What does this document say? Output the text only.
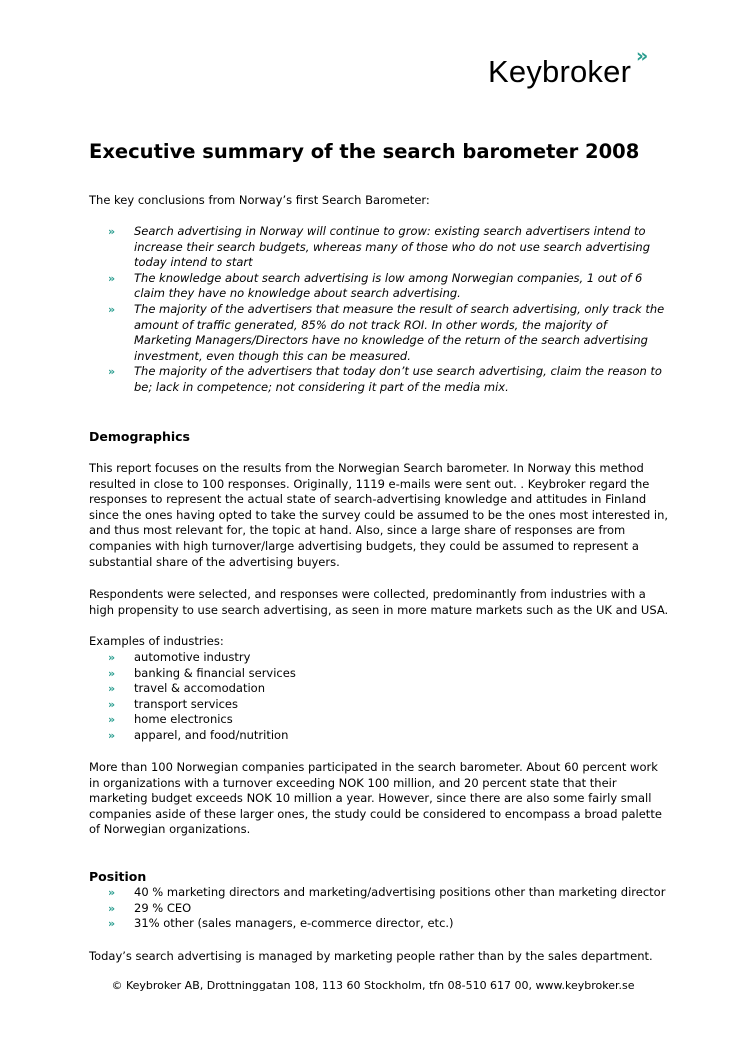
Keybroker »
Executive summary of the search barometer 2008

The key conclusions from Norway’s first Search Barometer:

» Search advertising in Norway will continue to grow: existing search advertisers intend to increase their search budgets, whereas many of those who do not use search advertising today intend to start
» The knowledge about search advertising is low among Norwegian companies, 1 out of 6 claim they have no knowledge about search advertising.
» The majority of the advertisers that measure the result of search advertising, only track the amount of traffic generated, 85% do not track ROI. In other words, the majority of Marketing Managers/Directors have no knowledge of the return of the search advertising investment, even though this can be measured.
» The majority of the advertisers that today don’t use search advertising, claim the reason to be; lack in competence; not considering it part of the media mix.
Demographics

This report focuses on the results from the Norwegian Search barometer. In Norway this method resulted in close to 100 responses. Originally, 1119 e-mails were sent out. . Keybroker regard the responses to represent the actual state of search-advertising knowledge and attitudes in Finland since the ones having opted to take the survey could be assumed to be the ones most interested in, and thus most relevant for, the topic at hand. Also, since a large share of responses are from companies with high turnover/large advertising budgets, they could be assumed to represent a substantial share of the advertising buyers.

Respondents were selected, and responses were collected, predominantly from industries with a high propensity to use search advertising, as seen in more mature markets such as the UK and USA.

Examples of industries:

» automotive industry
» banking & financial services
» travel & accomodation
» transport services
» home electronics
» apparel, and food/nutrition

More than 100 Norwegian companies participated in the search barometer. About 60 percent work in organizations with a turnover exceeding NOK 100 million, and 20 percent state that their marketing budget exceeds NOK 10 million a year. However, since there are also some fairly small companies aside of these larger ones, the study could be considered to encompass a broad palette of Norwegian organizations.

Position
» 40 % marketing directors and marketing/advertising positions other than marketing director
» 29 % CEO
» 31% other (sales managers, e-commerce director, etc.)

Today’s search advertising is managed by marketing people rather than by the sales department.

© Keybroker AB, Drottninggatan 108, 113 60 Stockholm, tfn 08-510 617 00, www.keybroker.se
